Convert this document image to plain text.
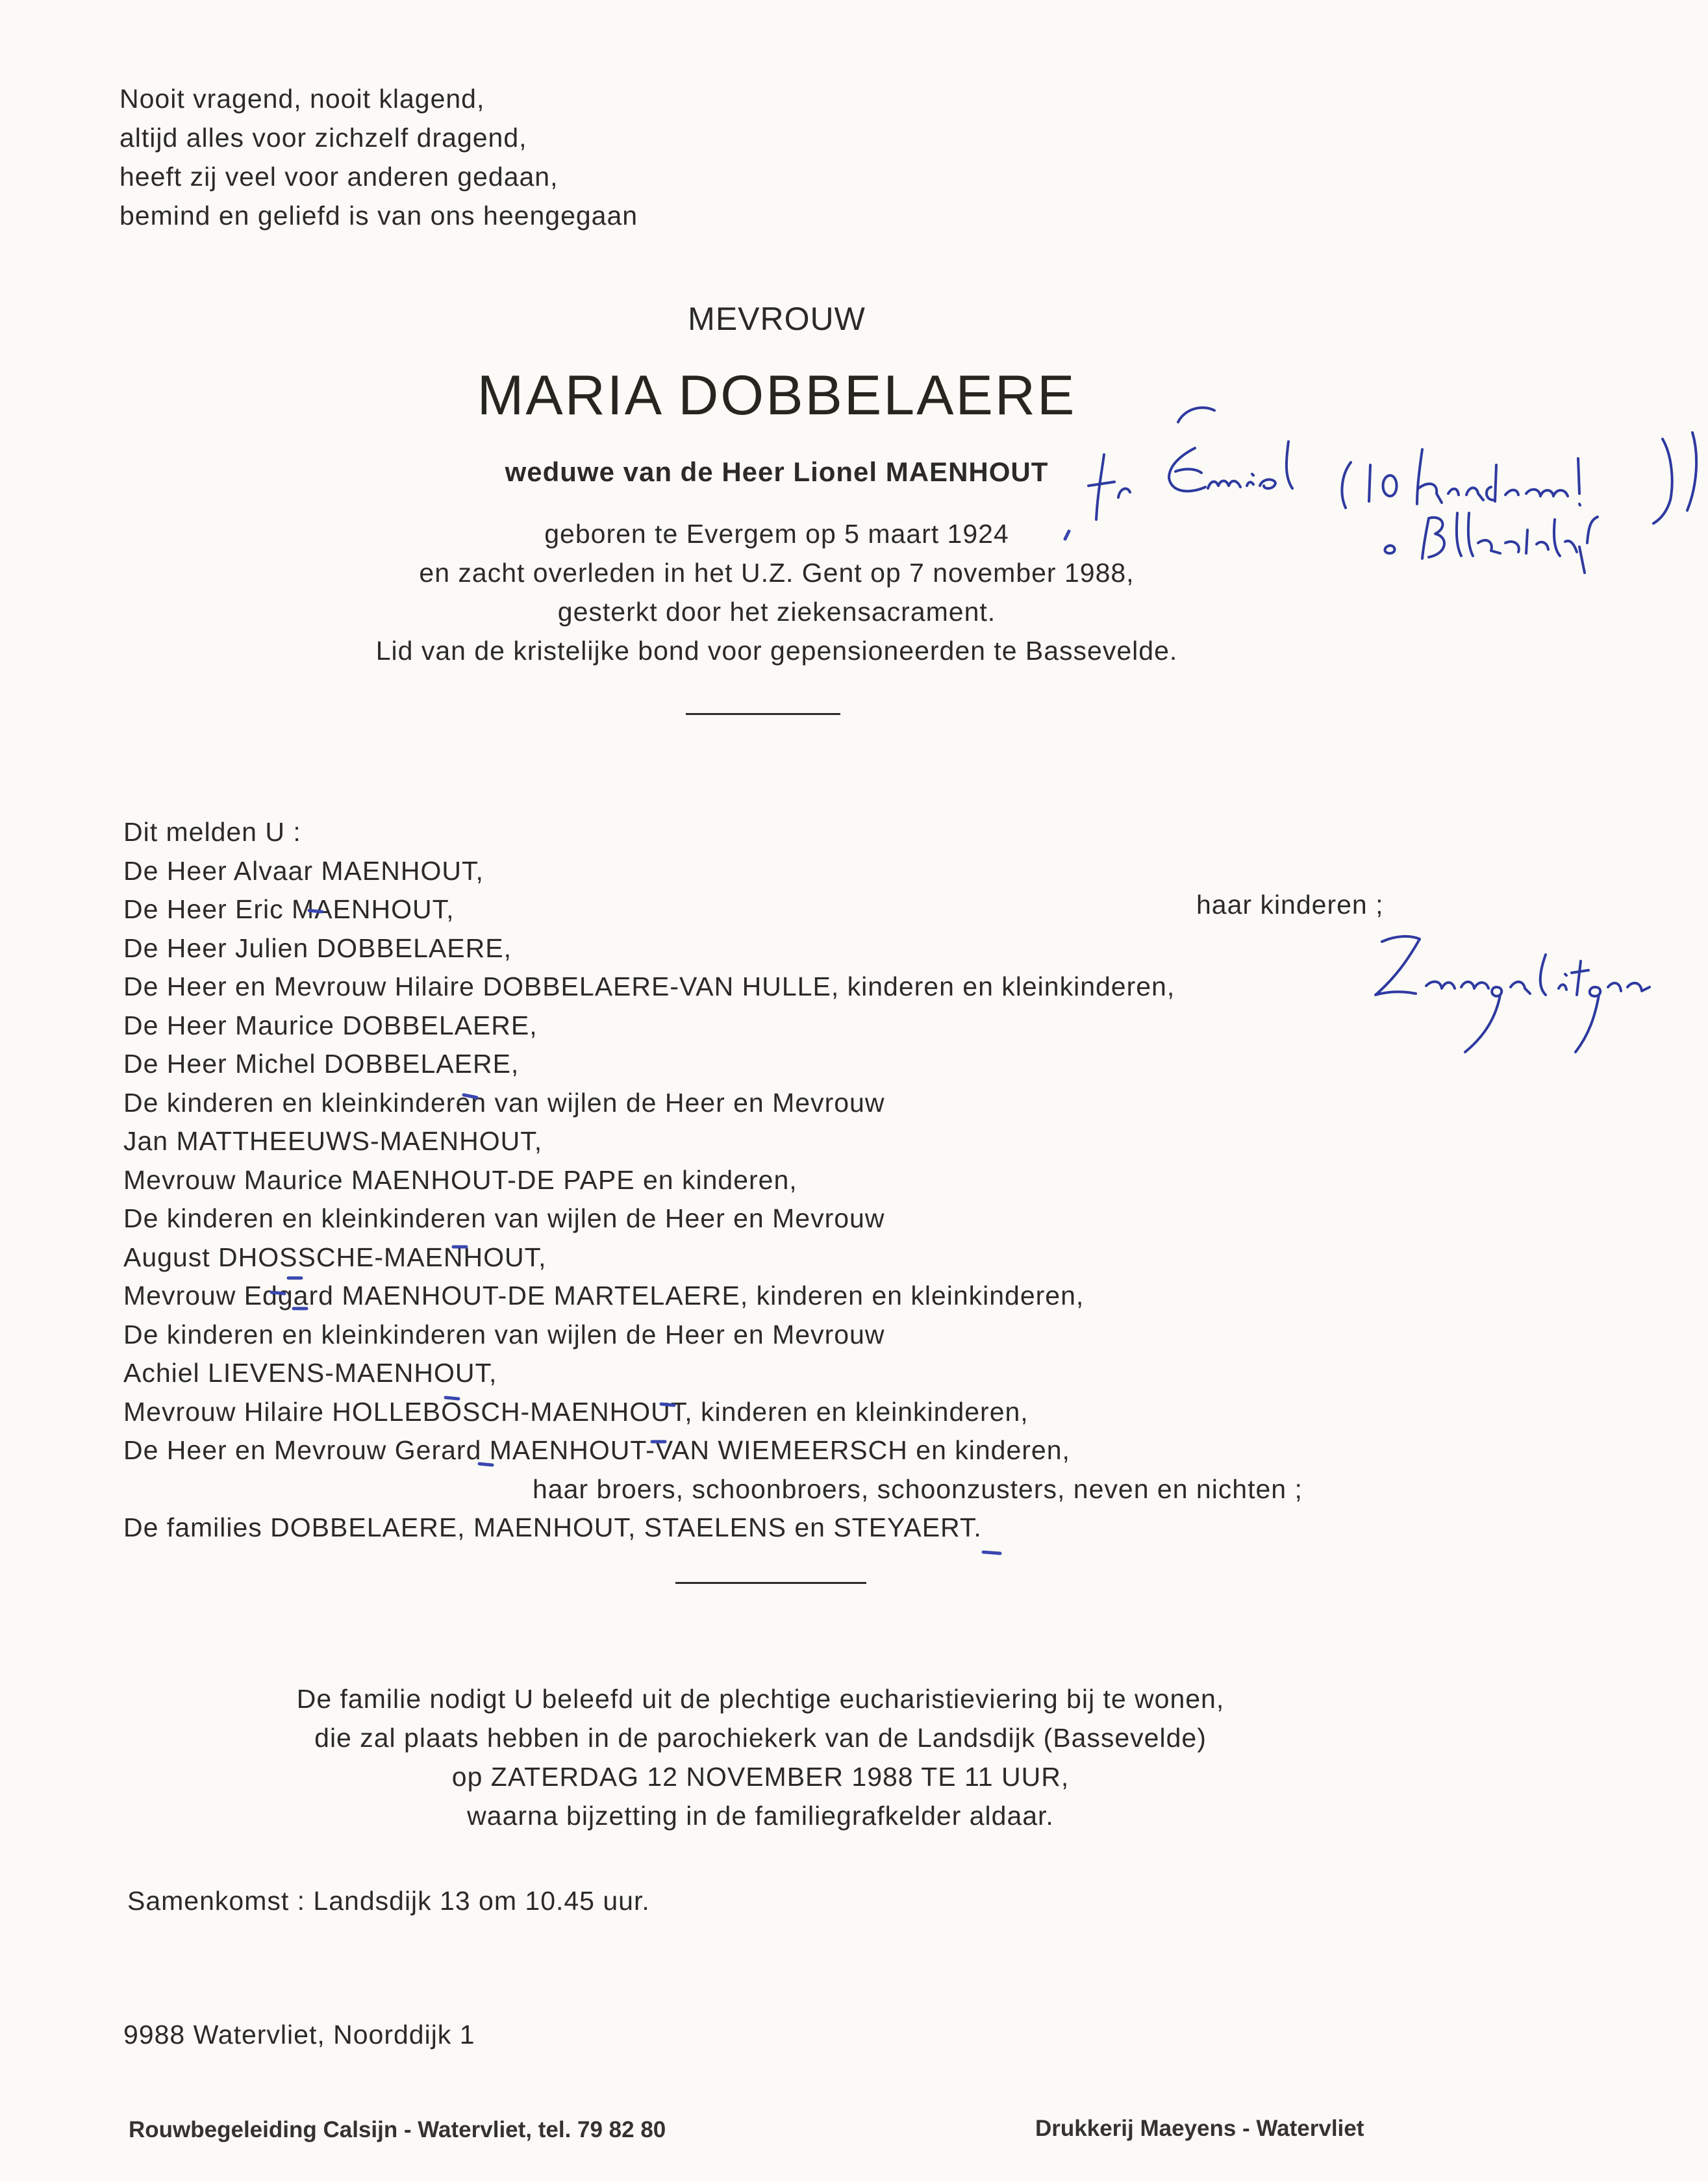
Nooit vragend, nooit klagend,
altijd alles voor zichzelf dragend,
heeft zij veel voor anderen gedaan,
bemind en geliefd is van ons heengegaan
MEVROUW
MARIA DOBBELAERE
weduwe van de Heer Lionel MAENHOUT
geboren te Evergem op 5 maart 1924
en zacht overleden in het U.Z. Gent op 7 november 1988,
gesterkt door het ziekensacrament.
Lid van de kristelijke bond voor gepensioneerden te Bassevelde.
Dit melden U :
De Heer Alvaar MAENHOUT,
De Heer Eric MAENHOUT,
De Heer Julien DOBBELAERE,
De Heer en Mevrouw Hilaire DOBBELAERE-VAN HULLE, kinderen en kleinkinderen,
De Heer Maurice DOBBELAERE,
De Heer Michel DOBBELAERE,
De kinderen en kleinkinderen van wijlen de Heer en Mevrouw
Jan MATTHEEUWS-MAENHOUT,
Mevrouw Maurice MAENHOUT-DE PAPE en kinderen,
De kinderen en kleinkinderen van wijlen de Heer en Mevrouw
August DHOSSCHE-MAENHOUT,
Mevrouw Edgard MAENHOUT-DE MARTELAERE, kinderen en kleinkinderen,
De kinderen en kleinkinderen van wijlen de Heer en Mevrouw
Achiel LIEVENS-MAENHOUT,
Mevrouw Hilaire HOLLEBOSCH-MAENHOUT, kinderen en kleinkinderen,
De Heer en Mevrouw Gerard MAENHOUT-VAN WIEMEERSCH en kinderen,
haar broers, schoonbroers, schoonzusters, neven en nichten ;
De families DOBBELAERE, MAENHOUT, STAELENS en STEYAERT.
haar kinderen ;
De familie nodigt U beleefd uit de plechtige eucharistieviering bij te wonen,
die zal plaats hebben in de parochiekerk van de Landsdijk (Bassevelde)
op ZATERDAG 12 NOVEMBER 1988 TE 11 UUR,
waarna bijzetting in de familiegrafkelder aldaar.
Samenkomst : Landsdijk 13 om 10.45 uur.
9988 Watervliet, Noorddijk 1
Rouwbegeleiding Calsijn - Watervliet, tel. 79 82 80	Drukkerij Maeyens - Watervliet
